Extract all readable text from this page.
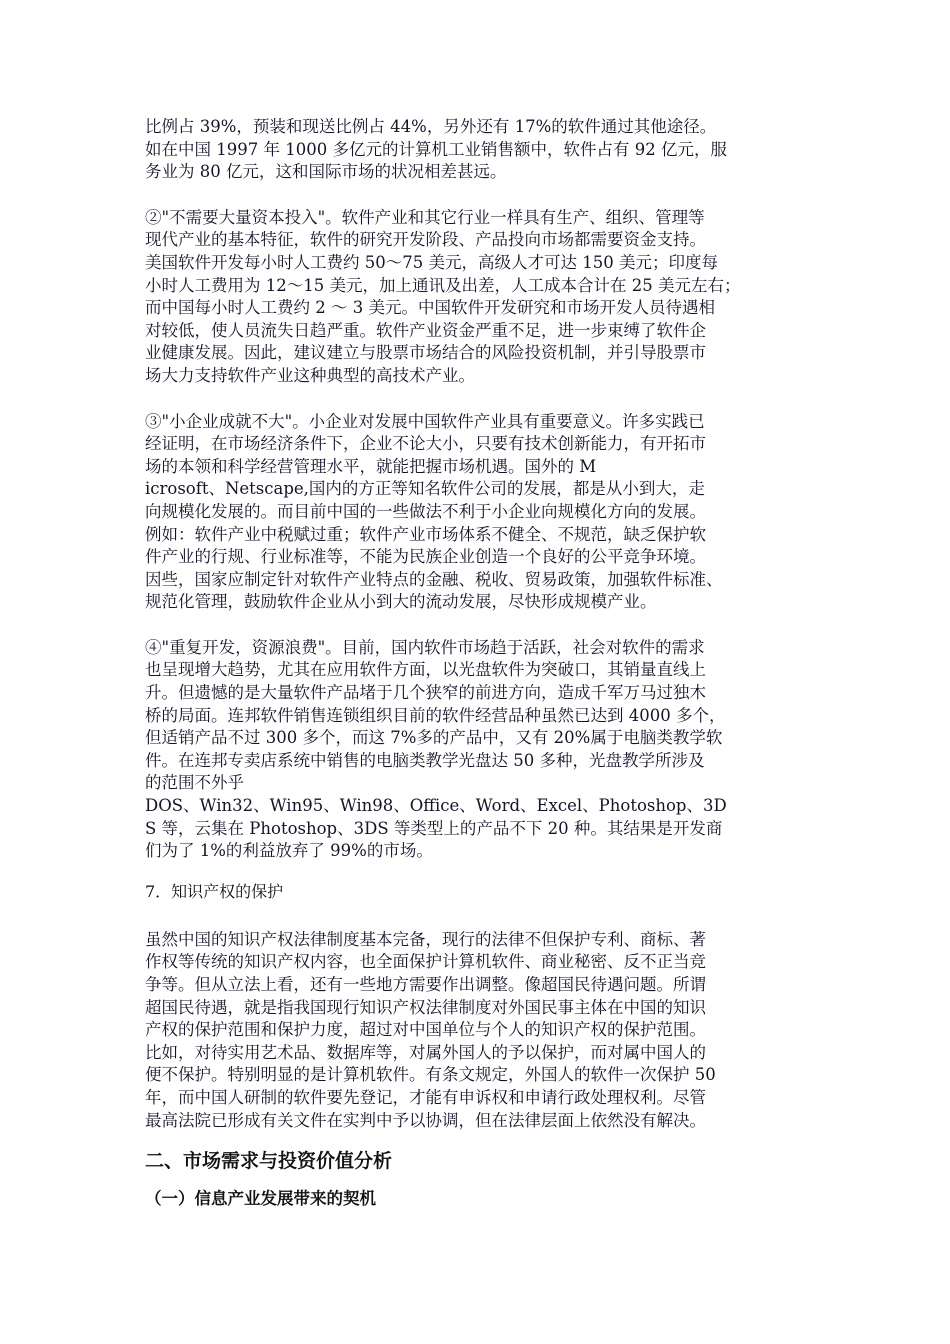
比例占 39%，预装和现送比例占 44%，另外还有 17%的软件通过其他途径。
如在中国 1997 年 1000 多亿元的计算机工业销售额中，软件占有 92 亿元，服
务业为 80 亿元，这和国际市场的状况相差甚远。

②"不需要大量资本投入"。软件产业和其它行业一样具有生产、组织、管理等
现代产业的基本特征，软件的研究开发阶段、产品投向市场都需要资金支持。
美国软件开发每小时人工费约 50～75 美元，高级人才可达 150 美元；印度每
小时人工费用为 12～15 美元，加上通讯及出差，人工成本合计在 25 美元左右；
而中国每小时人工费约 2 ～ 3 美元。中国软件开发研究和市场开发人员待遇相
对较低，使人员流失日趋严重。软件产业资金严重不足，进一步束缚了软件企
业健康发展。因此，建议建立与股票市场结合的风险投资机制，并引导股票市
场大力支持软件产业这种典型的高技术产业。

③"小企业成就不大"。小企业对发展中国软件产业具有重要意义。许多实践已
经证明，在市场经济条件下，企业不论大小，只要有技术创新能力，有开拓市
场的本领和科学经营管理水平，就能把握市场机遇。国外的 M
icrosoft、Netscape,国内的方正等知名软件公司的发展，都是从小到大，走
向规模化发展的。而目前中国的一些做法不利于小企业向规模化方向的发展。
例如：软件产业中税赋过重；软件产业市场体系不健全、不规范，缺乏保护软
件产业的行规、行业标准等，不能为民族企业创造一个良好的公平竞争环境。
因些，国家应制定针对软件产业特点的金融、税收、贸易政策，加强软件标准、
规范化管理，鼓励软件企业从小到大的流动发展，尽快形成规模产业。

④"重复开发，资源浪费"。目前，国内软件市场趋于活跃，社会对软件的需求
也呈现增大趋势，尤其在应用软件方面，以光盘软件为突破口，其销量直线上
升。但遗憾的是大量软件产品堵于几个狭窄的前进方向，造成千军万马过独木
桥的局面。连邦软件销售连锁组织目前的软件经营品种虽然已达到 4000 多个，
但适销产品不过 300 多个，而这 7%多的产品中，又有 20%属于电脑类教学软
件。在连邦专卖店系统中销售的电脑类教学光盘达 50 多种，光盘教学所涉及
的范围不外乎
DOS、Win32、Win95、Win98、Office、Word、Excel、Photoshop、3D
S 等，云集在 Photoshop、3DS 等类型上的产品不下 20 种。其结果是开发商
们为了 1%的利益放弃了 99%的市场。

7．知识产权的保护

虽然中国的知识产权法律制度基本完备，现行的法律不但保护专利、商标、著
作权等传统的知识产权内容，也全面保护计算机软件、商业秘密、反不正当竞
争等。但从立法上看，还有一些地方需要作出调整。像超国民待遇问题。所谓
超国民待遇，就是指我国现行知识产权法律制度对外国民事主体在中国的知识
产权的保护范围和保护力度，超过对中国单位与个人的知识产权的保护范围。
比如，对待实用艺术品、数据库等，对属外国人的予以保护，而对属中国人的
便不保护。特别明显的是计算机软件。有条文规定，外国人的软件一次保护 50
年，而中国人研制的软件要先登记，才能有申诉权和申请行政处理权利。尽管
最高法院已形成有关文件在实判中予以协调，但在法律层面上依然没有解决。

二、市场需求与投资价值分析
（一）信息产业发展带来的契机
